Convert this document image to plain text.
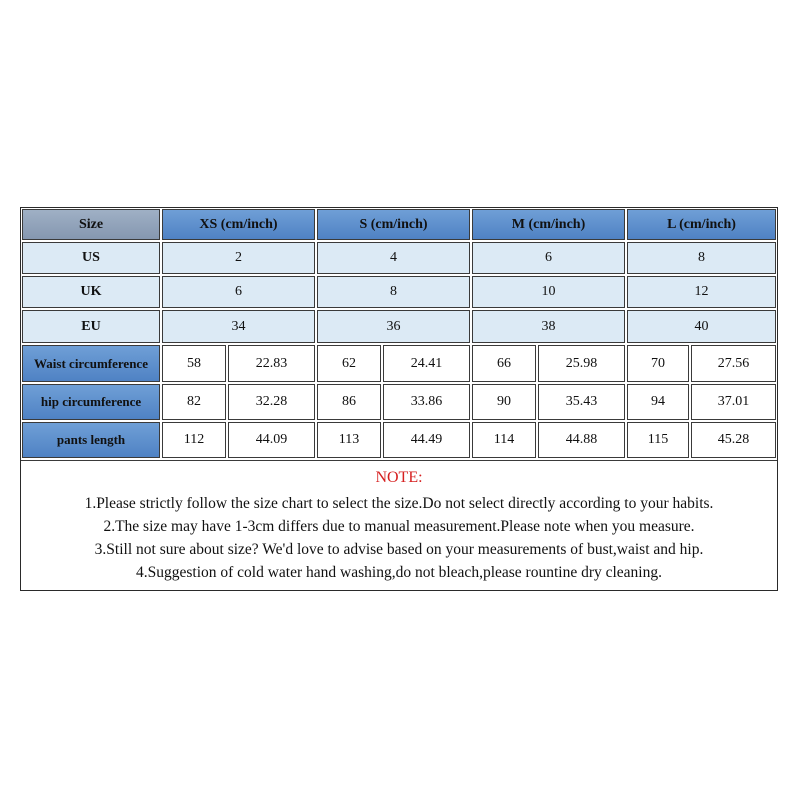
Size	XS (cm/inch)	S (cm/inch)	M (cm/inch)	L (cm/inch)
US	2	4	6	8
UK	6	8	10	12
EU	34	36	38	40
Waist circumference	58	22.83	62	24.41	66	25.98	70	27.56
hip circumference	82	32.28	86	33.86	90	35.43	94	37.01
pants length	112	44.09	113	44.49	114	44.88	115	45.28
NOTE:
1.Please strictly follow the size chart to select the size.Do not select directly according to your habits.
2.The size may have 1-3cm differs due to manual measurement.Please note when you measure.
3.Still not sure about size? We'd love to advise based on your measurements of bust,waist and hip.
4.Suggestion of cold water hand washing,do not bleach,please rountine dry cleaning.
